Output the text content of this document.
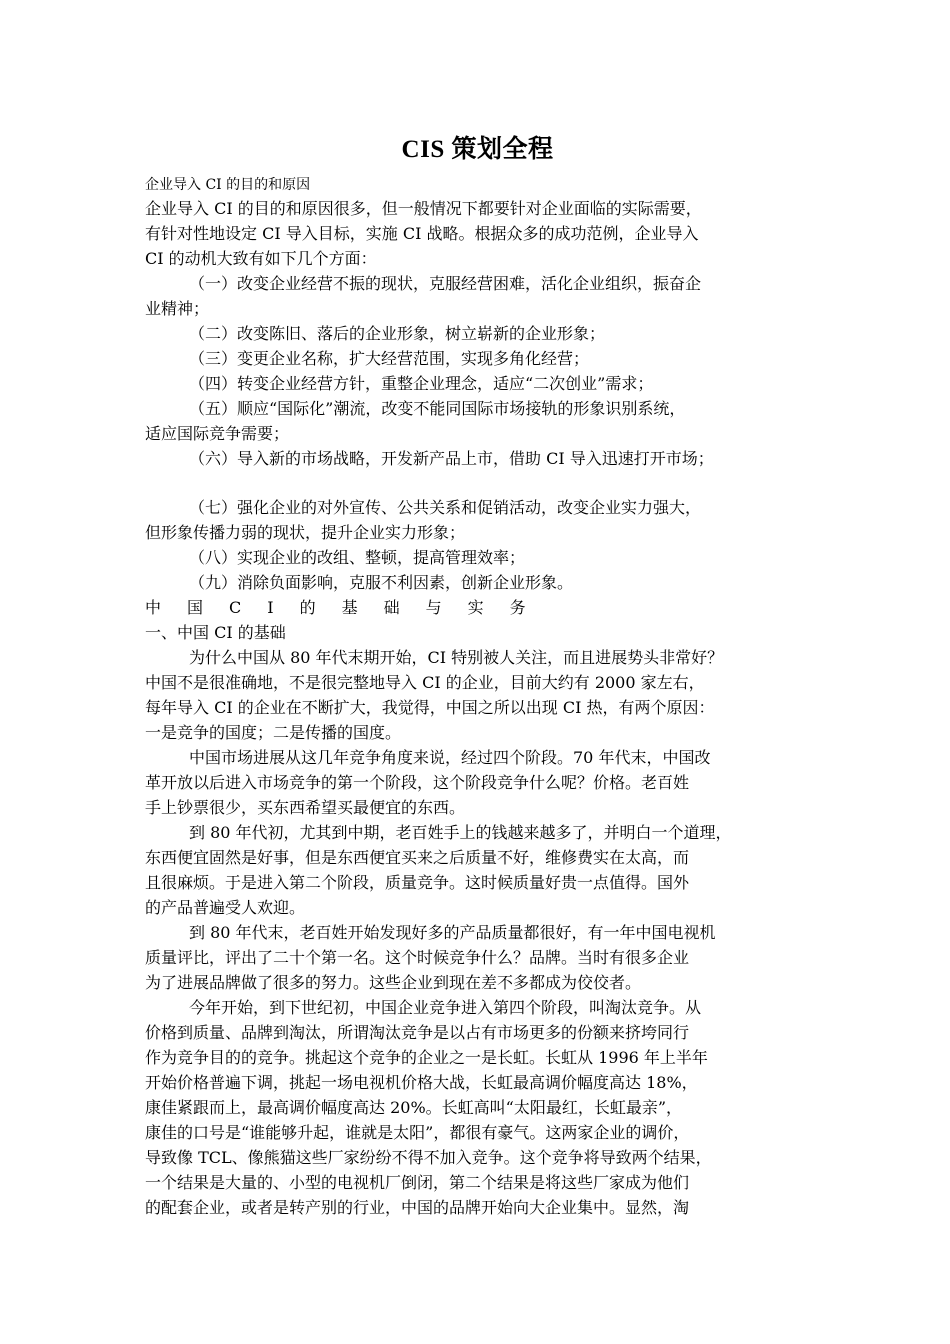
CIS 策划全程

企业导入 CI 的目的和原因

企业导入 CI 的目的和原因很多，但一般情况下都要针对企业面临的实际需要，

有针对性地设定 CI 导入目标，实施 CI 战略。根据众多的成功范例，企业导入

CI 的动机大致有如下几个方面：

（一）改变企业经营不振的现状，克服经营困难，活化企业组织，振奋企

业精神；

（二）改变陈旧、落后的企业形象，树立崭新的企业形象；

（三）变更企业名称，扩大经营范围，实现多角化经营；

（四）转变企业经营方针，重整企业理念，适应“二次创业”需求；

（五）顺应“国际化”潮流，改变不能同国际市场接轨的形象识别系统，

适应国际竞争需要；

（六）导入新的市场战略，开发新产品上市，借助 CI 导入迅速打开市场；

（七）强化企业的对外宣传、公共关系和促销活动，改变企业实力强大，

但形象传播力弱的现状，提升企业实力形象；

（八）实现企业的改组、整顿，提高管理效率；

（九）消除负面影响，克服不利因素，创新企业形象。

中国CI的基础与实务

一、中国 CI 的基础

为什么中国从 80 年代末期开始，CI 特别被人关注，而且进展势头非常好？

中国不是很准确地，不是很完整地导入 CI 的企业，目前大约有 2000 家左右，

每年导入 CI 的企业在不断扩大，我觉得，中国之所以出现 CI 热，有两个原因：

一是竞争的国度；二是传播的国度。

中国市场进展从这几年竞争角度来说，经过四个阶段。70 年代末，中国改

革开放以后进入市场竞争的第一个阶段，这个阶段竞争什么呢？价格。老百姓

手上钞票很少，买东西希望买最便宜的东西。

到 80 年代初，尤其到中期，老百姓手上的钱越来越多了，并明白一个道理，

东西便宜固然是好事，但是东西便宜买来之后质量不好，维修费实在太高，而

且很麻烦。于是进入第二个阶段，质量竞争。这时候质量好贵一点值得。国外

的产品普遍受人欢迎。

到 80 年代末，老百姓开始发现好多的产品质量都很好，有一年中国电视机

质量评比，评出了二十个第一名。这个时候竞争什么？品牌。当时有很多企业

为了进展品牌做了很多的努力。这些企业到现在差不多都成为佼佼者。

今年开始，到下世纪初，中国企业竞争进入第四个阶段，叫淘汰竞争。从

价格到质量、品牌到淘汰，所谓淘汰竞争是以占有市场更多的份额来挤垮同行

作为竞争目的的竞争。挑起这个竞争的企业之一是长虹。长虹从 1996 年上半年

开始价格普遍下调，挑起一场电视机价格大战，长虹最高调价幅度高达 18%，

康佳紧跟而上，最高调价幅度高达 20%。长虹高叫“太阳最红，长虹最亲”，

康佳的口号是“谁能够升起，谁就是太阳”，都很有豪气。这两家企业的调价，

导致像 TCL、像熊猫这些厂家纷纷不得不加入竞争。这个竞争将导致两个结果，

一个结果是大量的、小型的电视机厂倒闭，第二个结果是将这些厂家成为他们

的配套企业，或者是转产别的行业，中国的品牌开始向大企业集中。显然，淘
